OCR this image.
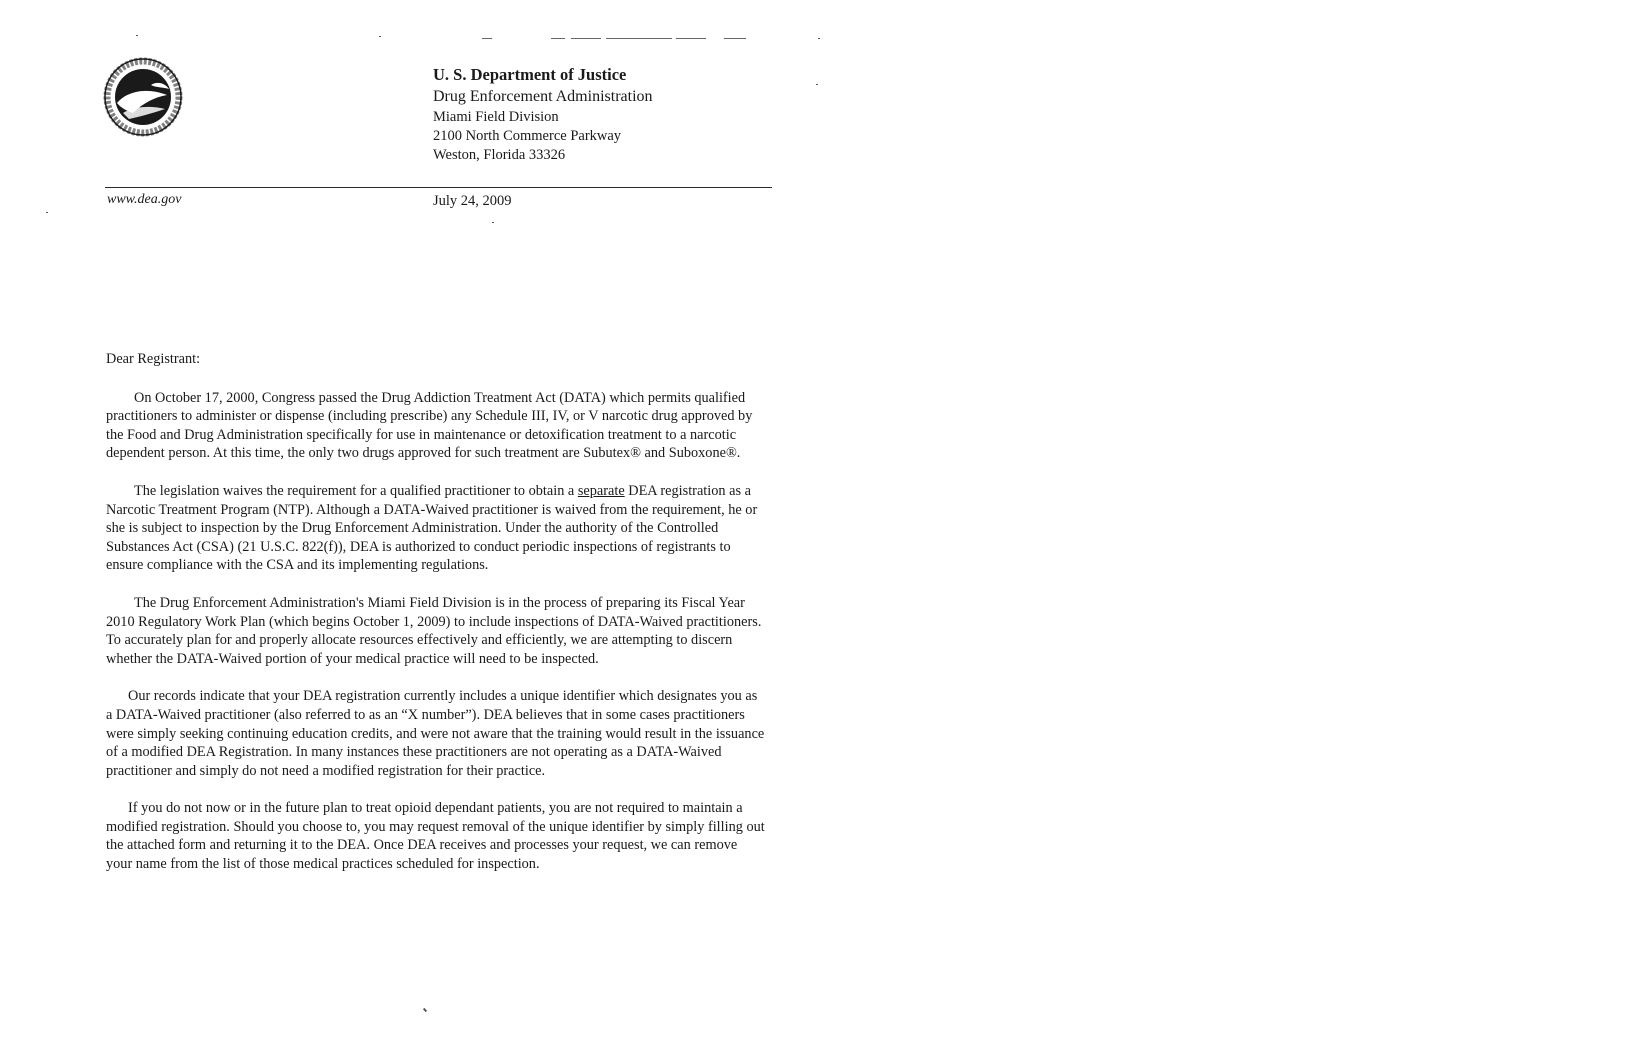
U. S. Department of Justice
Drug Enforcement Administration
Miami Field Division
2100 North Commerce Parkway
Weston, Florida 33326
www.dea.gov	July 24, 2009

Dear Registrant:

On October 17, 2000, Congress passed the Drug Addiction Treatment Act (DATA) which permits qualified practitioners to administer or dispense (including prescribe) any Schedule III, IV, or V narcotic drug approved by the Food and Drug Administration specifically for use in maintenance or detoxification treatment to a narcotic dependent person. At this time, the only two drugs approved for such treatment are Subutex® and Suboxone®.

The legislation waives the requirement for a qualified practitioner to obtain a separate DEA registration as a Narcotic Treatment Program (NTP). Although a DATA-Waived practitioner is waived from the requirement, he or she is subject to inspection by the Drug Enforcement Administration. Under the authority of the Controlled Substances Act (CSA) (21 U.S.C. 822(f)), DEA is authorized to conduct periodic inspections of registrants to ensure compliance with the CSA and its implementing regulations.

The Drug Enforcement Administration's Miami Field Division is in the process of preparing its Fiscal Year 2010 Regulatory Work Plan (which begins October 1, 2009) to include inspections of DATA-Waived practitioners. To accurately plan for and properly allocate resources effectively and efficiently, we are attempting to discern whether the DATA-Waived portion of your medical practice will need to be inspected.

Our records indicate that your DEA registration currently includes a unique identifier which designates you as a DATA-Waived practitioner (also referred to as an “X number”). DEA believes that in some cases practitioners were simply seeking continuing education credits, and were not aware that the training would result in the issuance of a modified DEA Registration. In many instances these practitioners are not operating as a DATA-Waived practitioner and simply do not need a modified registration for their practice.

If you do not now or in the future plan to treat opioid dependant patients, you are not required to maintain a modified registration. Should you choose to, you may request removal of the unique identifier by simply filling out the attached form and returning it to the DEA. Once DEA receives and processes your request, we can remove your name from the list of those medical practices scheduled for inspection.
